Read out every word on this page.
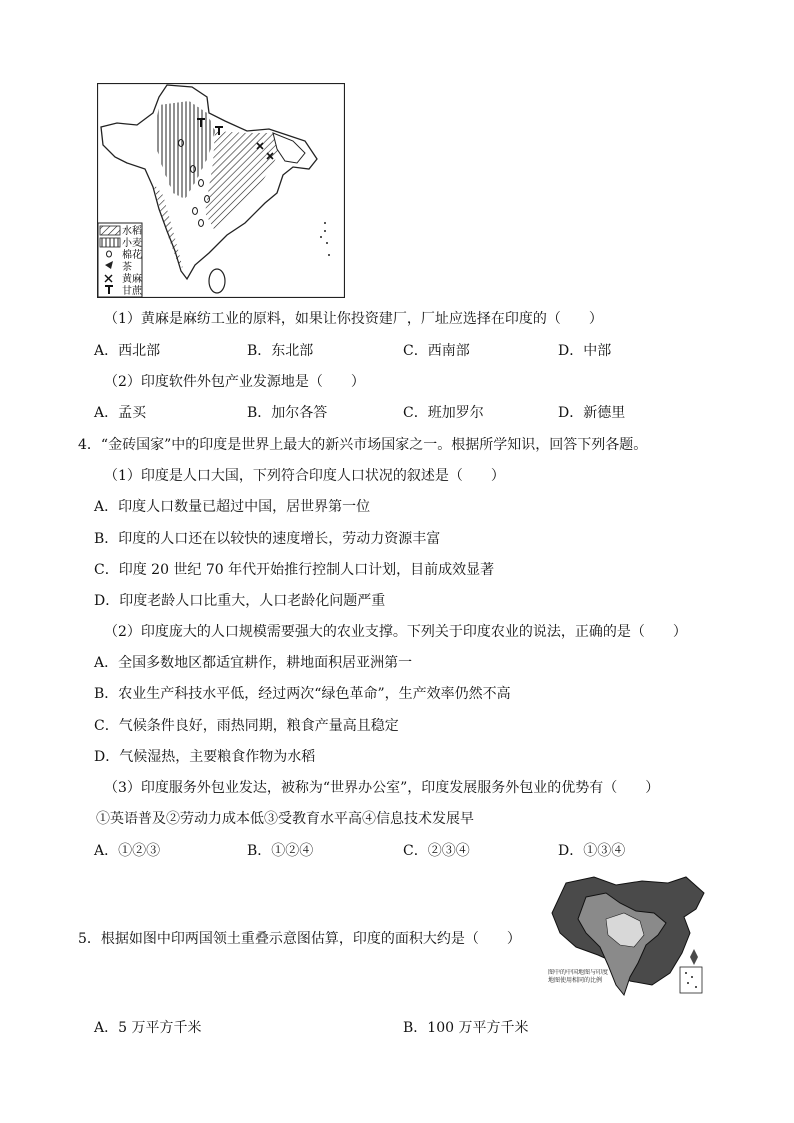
水稻
小麦
棉花
茶
黄麻
甘蔗
（1）黄麻是麻纺工业的原料，如果让你投资建厂，厂址应选择在印度的（　　）
A．西北部	B．东北部	C．西南部	D．中部
（2）印度软件外包产业发源地是（　　）
A．孟买	B．加尔各答	C．班加罗尔	D．新德里
4．“金砖国家”中的印度是世界上最大的新兴市场国家之一。根据所学知识，回答下列各题。
（1）印度是人口大国，下列符合印度人口状况的叙述是（　　）
A．印度人口数量已超过中国，居世界第一位
B．印度的人口还在以较快的速度增长，劳动力资源丰富
C．印度 20 世纪 70 年代开始推行控制人口计划，目前成效显著
D．印度老龄人口比重大，人口老龄化问题严重
（2）印度庞大的人口规模需要强大的农业支撑。下列关于印度农业的说法，正确的是（　　）
A．全国多数地区都适宜耕作，耕地面积居亚洲第一
B．农业生产科技水平低，经过两次“绿色革命”，生产效率仍然不高
C．气候条件良好，雨热同期，粮食产量高且稳定
D．气候湿热，主要粮食作物为水稻
（3）印度服务外包业发达，被称为“世界办公室”，印度发展服务外包业的优势有（　　）
①英语普及②劳动力成本低③受教育水平高④信息技术发展早
A．①②③	B．①②④	C．②③④	D．①③④
图中的中国地图与印度地图使用相同的比例
5．根据如图中印两国领土重叠示意图估算，印度的面积大约是（　　）
A．5 万平方千米	B．100 万平方千米
